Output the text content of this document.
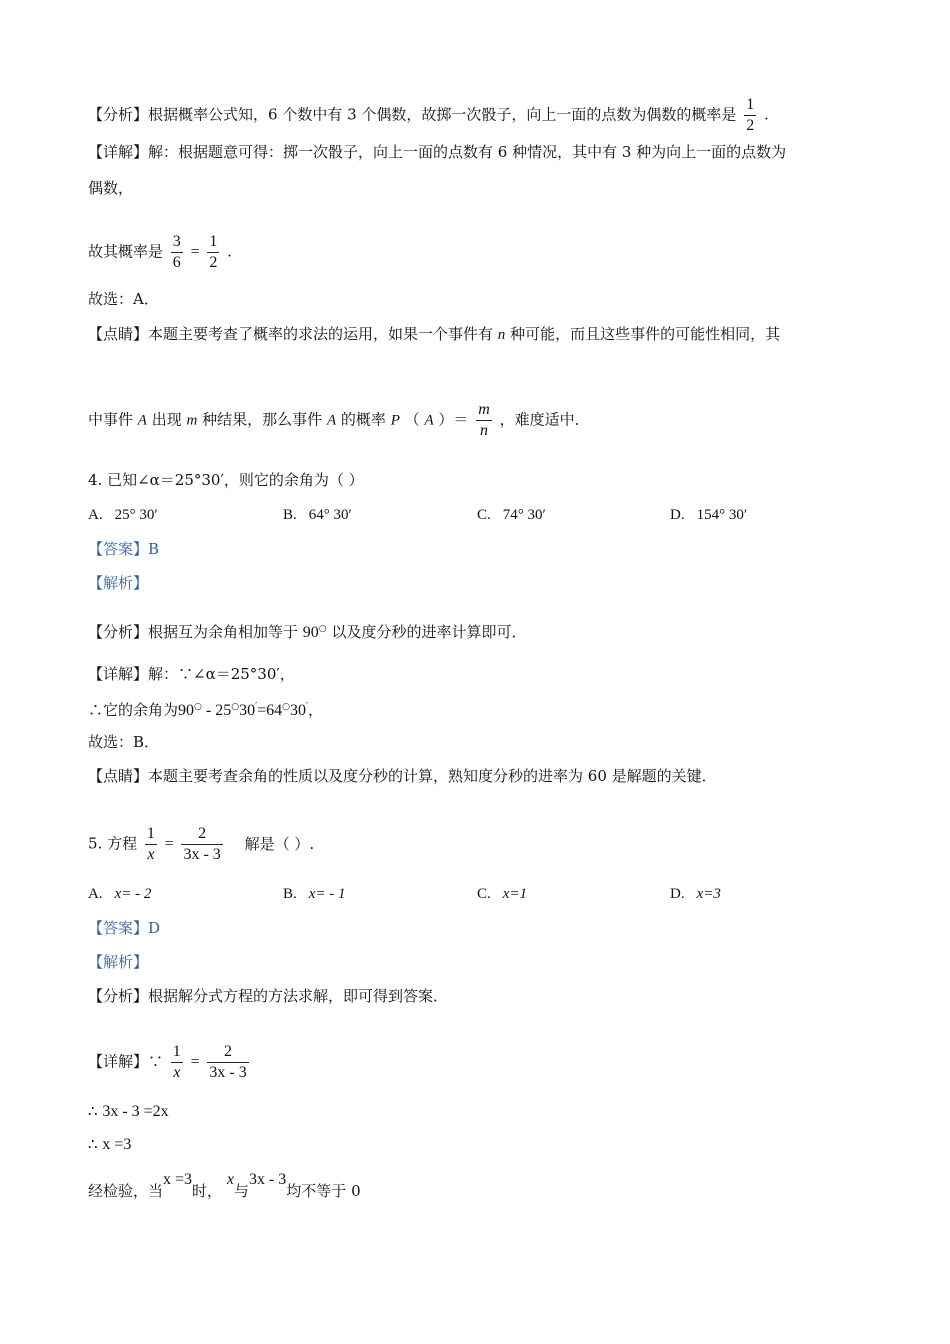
【分析】根据概率公式知，6 个数中有 3 个偶数，故掷一次骰子，向上一面的点数为偶数的概率是 $\frac{1}{2}$ .
【详解】解：根据题意可得：掷一次骰子，向上一面的点数有 6 种情况，其中有 3 种为向上一面的点数为
偶数，
故其概率是 $\frac{3}{6} = \frac{1}{2}$ .
故选：A．
【点睛】本题主要考查了概率的求法的运用，如果一个事件有 n 种可能，而且这些事件的可能性相同，其
中事件 A 出现 m 种结果，那么事件 A 的概率 P （ A ）＝ $\frac{m}{n}$ ，难度适中．
4. 已知∠α＝25°30′，则它的余角为（ ）
A. 25° 30′	B. 64° 30′	C. 74° 30′	D. 154° 30′
【答案】B
【解析】
【分析】根据互为余角相加等于 90○ 以及度分秒的进率计算即可．
【详解】解：∵∠α＝25°30′，
∴它的余角为90○ - 25○30′=64○30′，
故选：B．
【点睛】本题主要考查余角的性质以及度分秒的计算，熟知度分秒的进率为 60 是解题的关键．
5. 方程 $\frac{1}{x} = \frac{2}{3x - 3}$ 解是（ ）.
A. x= - 2	B. x= - 1	C. x=1	D. x=3
【答案】D
【解析】
【分析】根据解分式方程的方法求解，即可得到答案．
【详解】∵ $\frac{1}{x} = \frac{2}{3x - 3}$
∴ 3x - 3 =2x
∴ x =3
经检验，当x =3时， x与3x - 3均不等于 0
